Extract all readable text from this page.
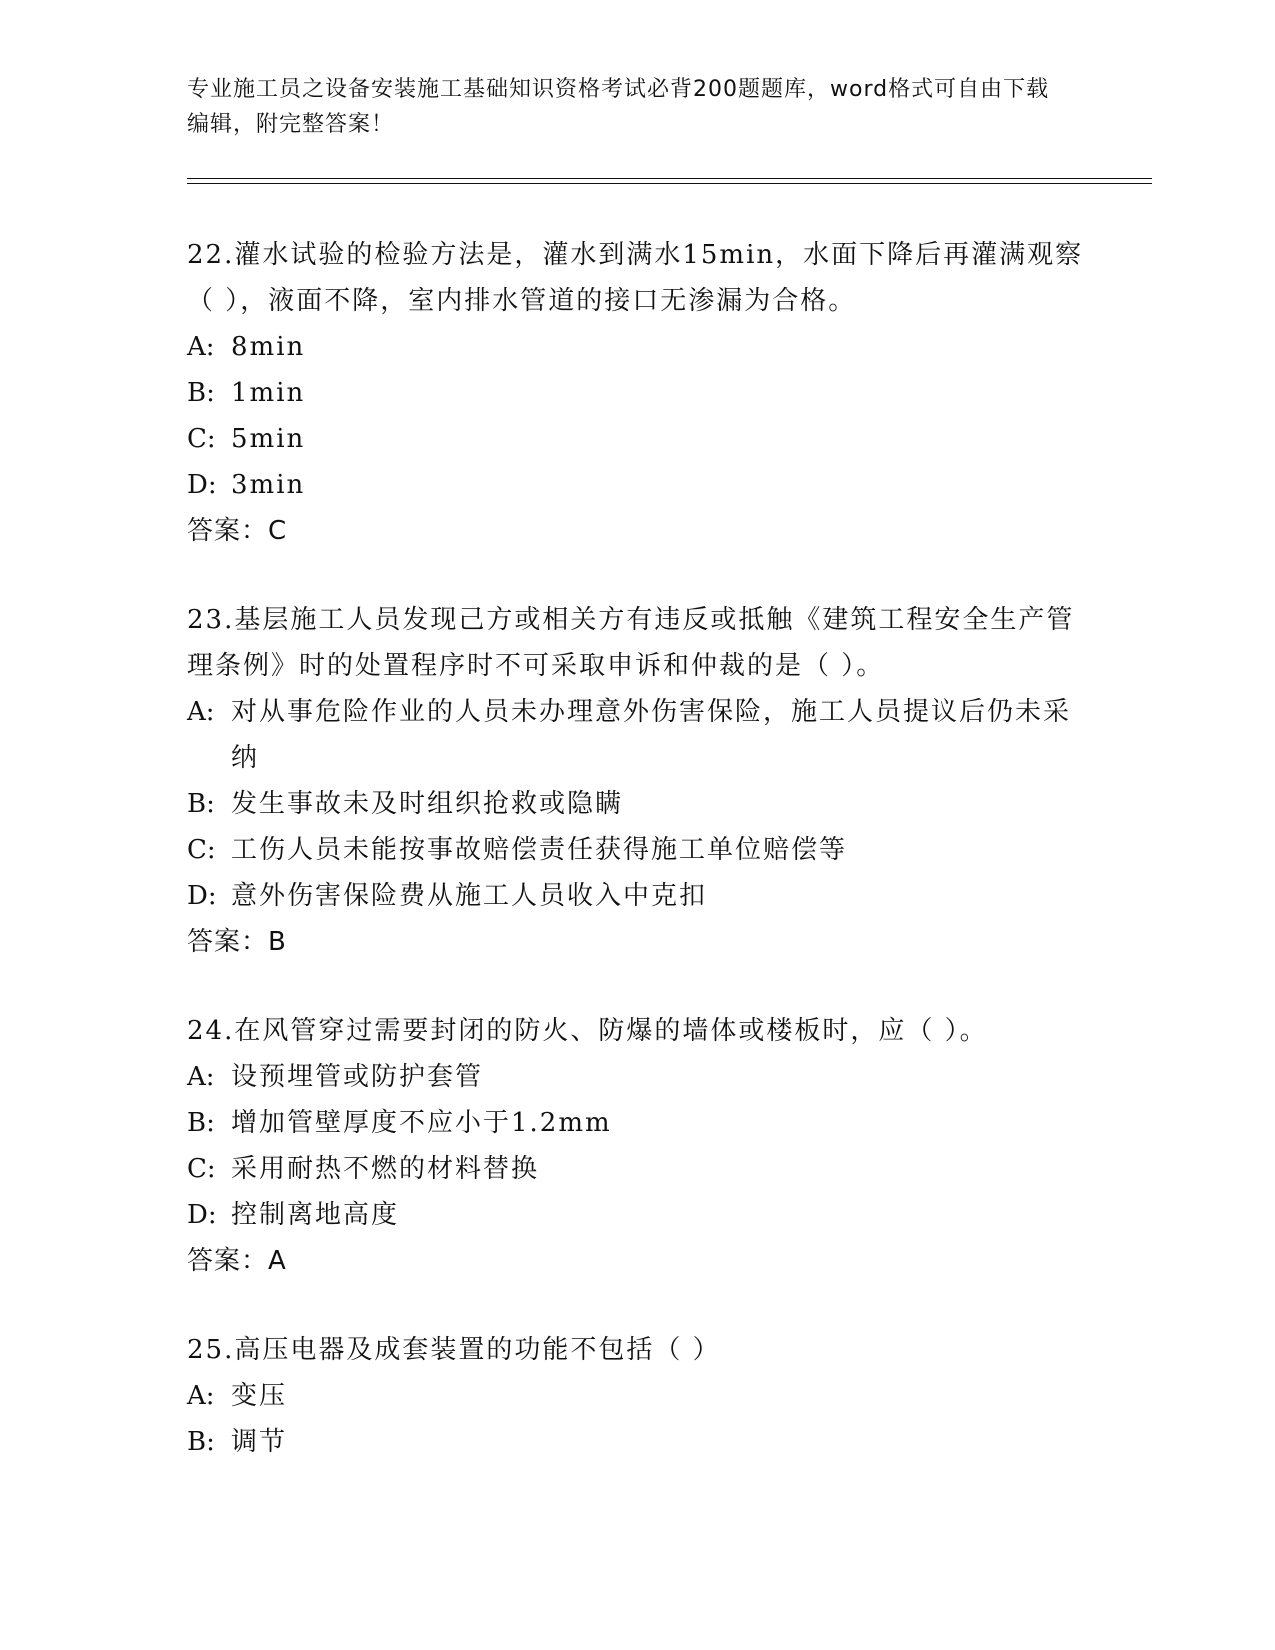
专业施工员之设备安装施工基础知识资格考试必背200题题库，word格式可自由下载编辑，附完整答案！
22.灌水试验的检验方法是，灌水到满水15min，水面下降后再灌满观察（ ），液面不降，室内排水管道的接口无渗漏为合格。
A: 8min
B: 1min
C: 5min
D: 3min
答案：C
23.基层施工人员发现己方或相关方有违反或抵触《建筑工程安全生产管理条例》时的处置程序时不可采取申诉和仲裁的是（ ）。
A: 对从事危险作业的人员未办理意外伤害保险，施工人员提议后仍未采纳
B: 发生事故未及时组织抢救或隐瞒
C: 工伤人员未能按事故赔偿责任获得施工单位赔偿等
D: 意外伤害保险费从施工人员收入中克扣
答案：B
24.在风管穿过需要封闭的防火、防爆的墙体或楼板时，应（ ）。
A: 设预埋管或防护套管
B: 增加管壁厚度不应小于1.2mm
C: 采用耐热不燃的材料替换
D: 控制离地高度
答案：A
25.高压电器及成套装置的功能不包括（ ）
A: 变压
B: 调节
